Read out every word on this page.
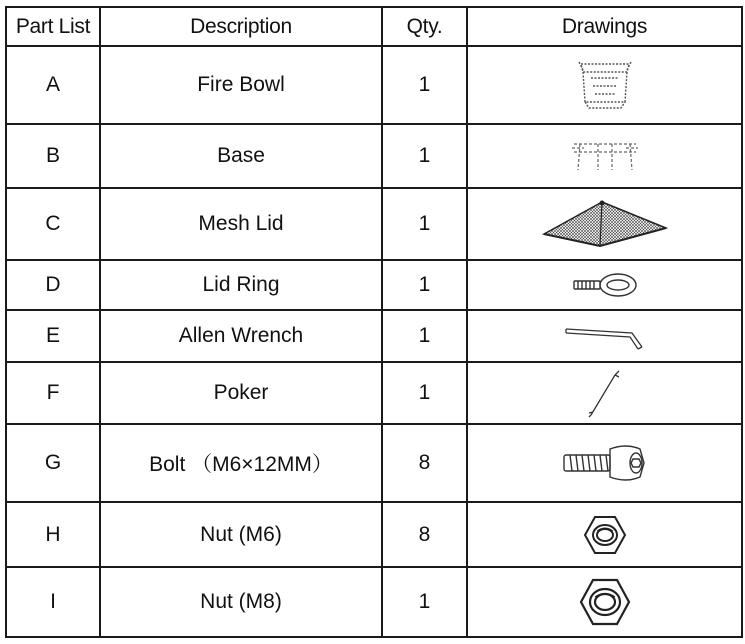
Part List	Description	Qty.	Drawings
A	Fire Bowl	1	

B	Base	1	

C	Mesh Lid	1	

D	Lid Ring	1	

E	Allen Wrench	1	

F	Poker	1	

G	Bolt （M6×12MM）	8	

H	Nut (M6)	8	

I	Nut (M8)	1	
